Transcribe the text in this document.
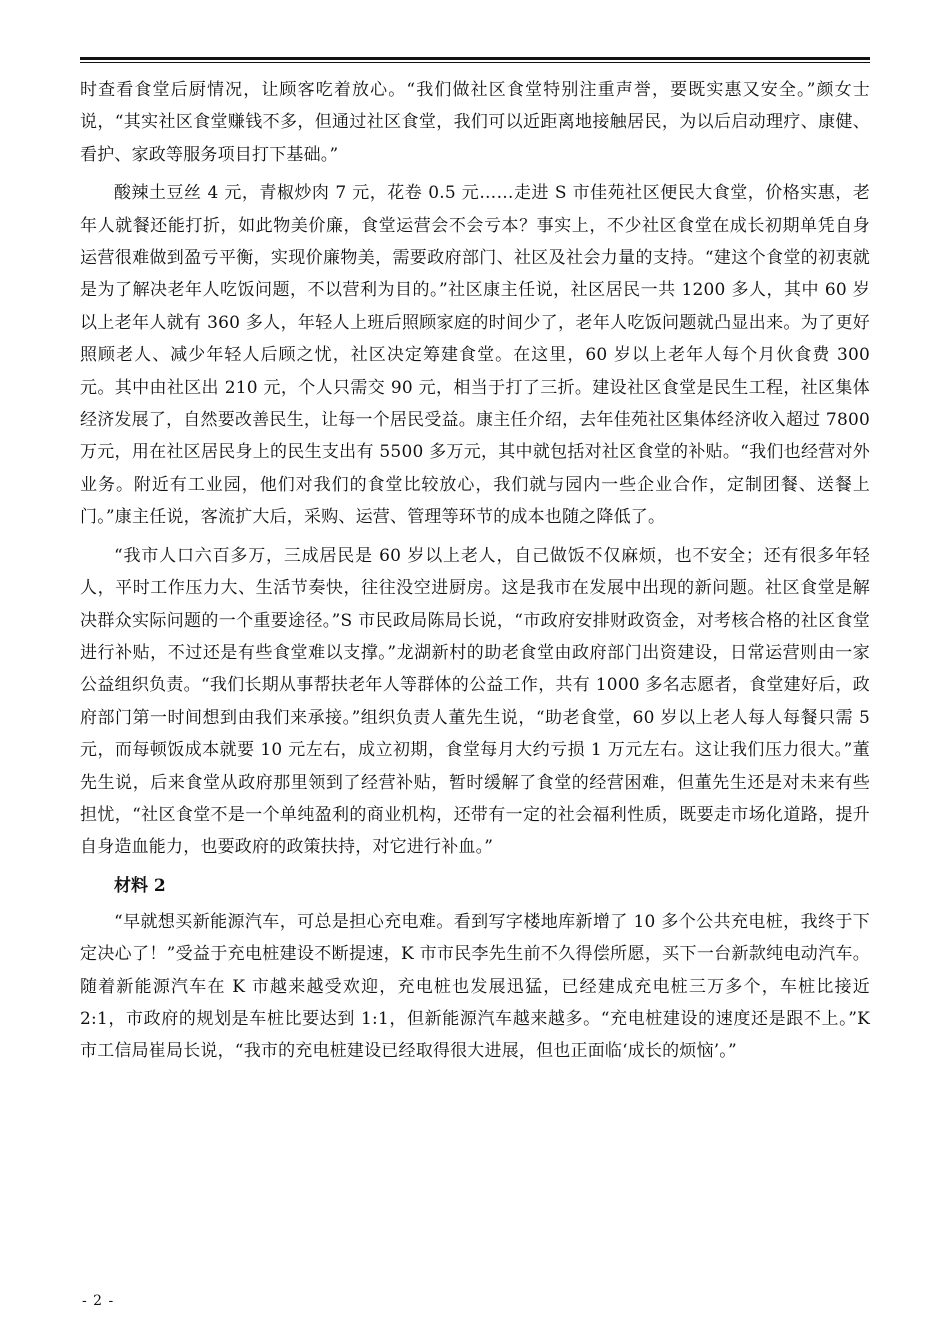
时查看食堂后厨情况，让顾客吃着放心。“我们做社区食堂特别注重声誉，要既实惠又安全。”颜女士说，“其实社区食堂赚钱不多，但通过社区食堂，我们可以近距离地接触居民，为以后启动理疗、康健、看护、家政等服务项目打下基础。”

酸辣土豆丝 4 元，青椒炒肉 7 元，花卷 0.5 元……走进 S 市佳苑社区便民大食堂，价格实惠，老年人就餐还能打折，如此物美价廉，食堂运营会不会亏本？事实上，不少社区食堂在成长初期单凭自身运营很难做到盈亏平衡，实现价廉物美，需要政府部门、社区及社会力量的支持。“建这个食堂的初衷就是为了解决老年人吃饭问题，不以营利为目的。”社区康主任说，社区居民一共 1200 多人，其中 60 岁以上老年人就有 360 多人，年轻人上班后照顾家庭的时间少了，老年人吃饭问题就凸显出来。为了更好照顾老人、减少年轻人后顾之忧，社区决定筹建食堂。在这里，60 岁以上老年人每个月伙食费 300 元。其中由社区出 210 元，个人只需交 90 元，相当于打了三折。建设社区食堂是民生工程，社区集体经济发展了，自然要改善民生，让每一个居民受益。康主任介绍，去年佳苑社区集体经济收入超过 7800 万元，用在社区居民身上的民生支出有 5500 多万元，其中就包括对社区食堂的补贴。“我们也经营对外业务。附近有工业园，他们对我们的食堂比较放心，我们就与园内一些企业合作，定制团餐、送餐上门。”康主任说，客流扩大后，采购、运营、管理等环节的成本也随之降低了。

“我市人口六百多万，三成居民是 60 岁以上老人，自己做饭不仅麻烦，也不安全；还有很多年轻人，平时工作压力大、生活节奏快，往往没空进厨房。这是我市在发展中出现的新问题。社区食堂是解决群众实际问题的一个重要途径。”S 市民政局陈局长说，“市政府安排财政资金，对考核合格的社区食堂进行补贴，不过还是有些食堂难以支撑。”龙湖新村的助老食堂由政府部门出资建设，日常运营则由一家公益组织负责。“我们长期从事帮扶老年人等群体的公益工作，共有 1000 多名志愿者，食堂建好后，政府部门第一时间想到由我们来承接。”组织负责人董先生说，“助老食堂，60 岁以上老人每人每餐只需 5 元，而每顿饭成本就要 10 元左右，成立初期，食堂每月大约亏损 1 万元左右。这让我们压力很大。”董先生说，后来食堂从政府那里领到了经营补贴，暂时缓解了食堂的经营困难，但董先生还是对未来有些担忧，“社区食堂不是一个单纯盈利的商业机构，还带有一定的社会福利性质，既要走市场化道路，提升自身造血能力，也要政府的政策扶持，对它进行补血。”

材料 2

“早就想买新能源汽车，可总是担心充电难。看到写字楼地库新增了 10 多个公共充电桩，我终于下定决心了！”受益于充电桩建设不断提速，K 市市民李先生前不久得偿所愿，买下一台新款纯电动汽车。随着新能源汽车在 K 市越来越受欢迎，充电桩也发展迅猛，已经建成充电桩三万多个，车桩比接近 2:1，市政府的规划是车桩比要达到 1:1，但新能源汽车越来越多。“充电桩建设的速度还是跟不上。”K 市工信局崔局长说，“我市的充电桩建设已经取得很大进展，但也正面临‘成长的烦恼’。”

- 2 -
